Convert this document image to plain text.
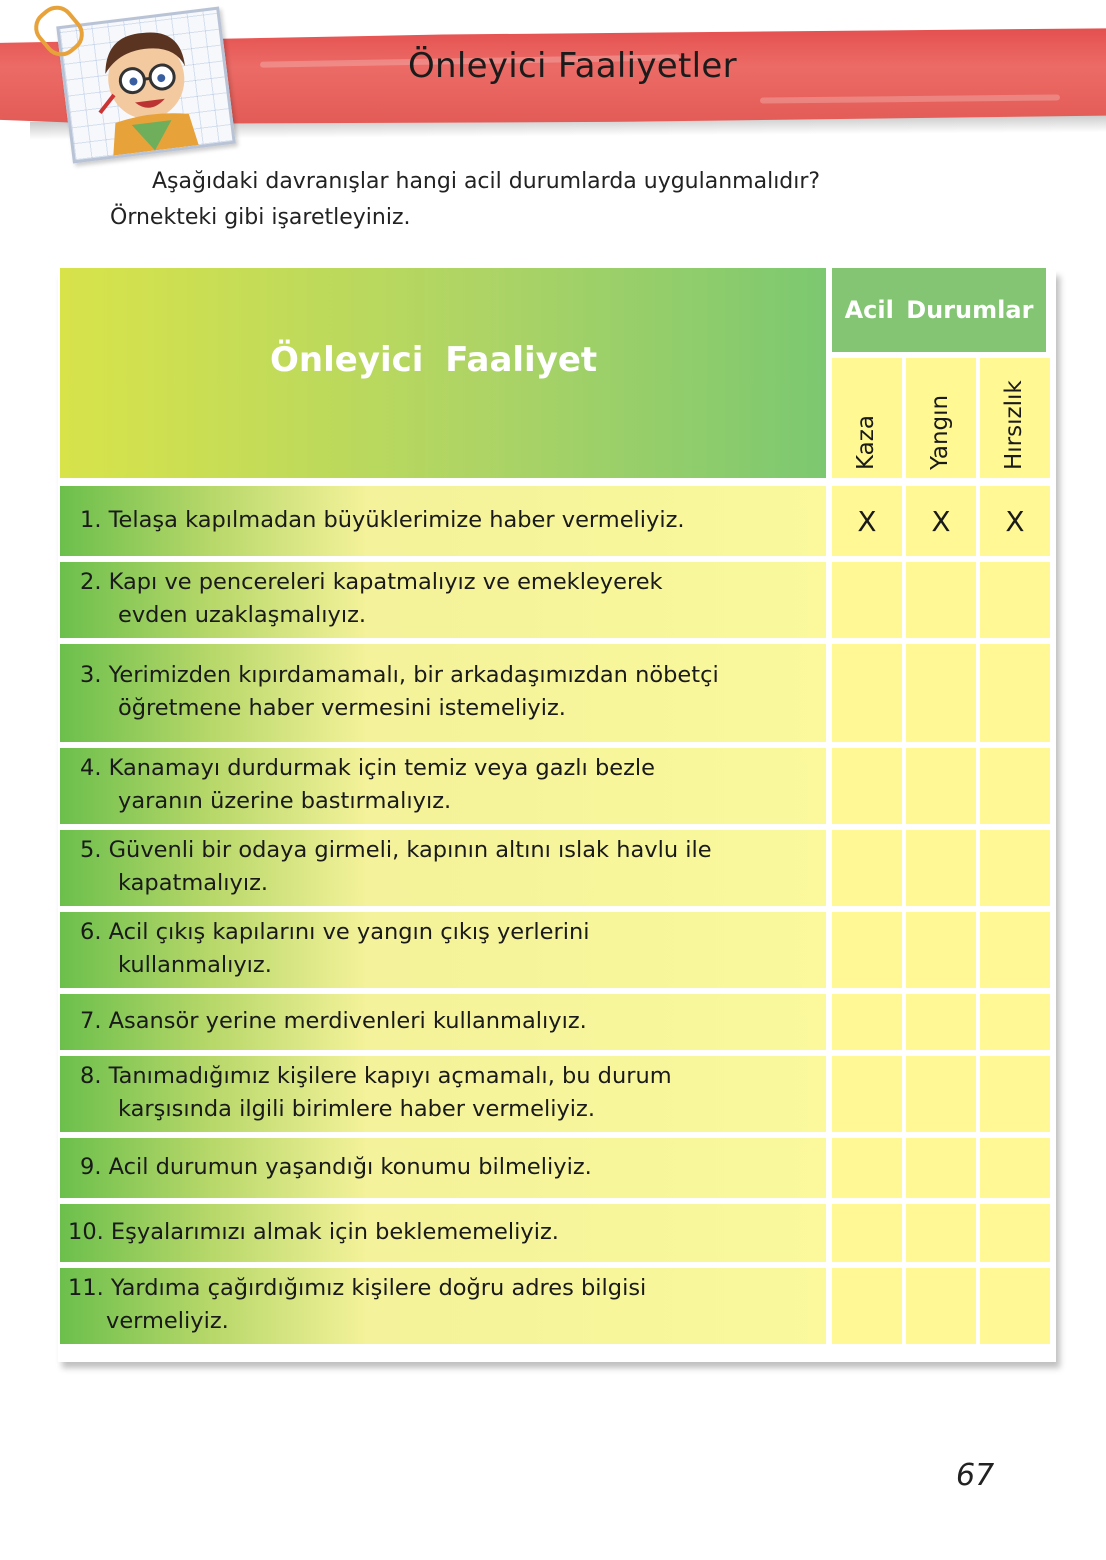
Önleyici Faaliyetler
Aşağıdaki davranışlar hangi acil durumlarda uygulanmalıdır?
Örnekteki gibi işaretleyiniz.
Önleyici Faaliyet
Acil Durumlar
Kaza Yangın Hırsızlık
1. Telaşa kapılmadan büyüklerimize haber vermeliyiz.	X	X	X
2. Kapı ve pencereleri kapatmalıyız ve emekleyerek
evden uzaklaşmalıyız.
3. Yerimizden kıpırdamamalı, bir arkadaşımızdan nöbetçi
öğretmene haber vermesini istemeliyiz.
4. Kanamayı durdurmak için temiz veya gazlı bezle
yaranın üzerine bastırmalıyız.
5. Güvenli bir odaya girmeli, kapının altını ıslak havlu ile
kapatmalıyız.
6. Acil çıkış kapılarını ve yangın çıkış yerlerini
kullanmalıyız.
7. Asansör yerine merdivenleri kullanmalıyız.
8. Tanımadığımız kişilere kapıyı açmamalı, bu durum
karşısında ilgili birimlere haber vermeliyiz.
9. Acil durumun yaşandığı konumu bilmeliyiz.
10. Eşyalarımızı almak için beklememeliyiz.
11. Yardıma çağırdığımız kişilere doğru adres bilgisi
vermeliyiz.
67
